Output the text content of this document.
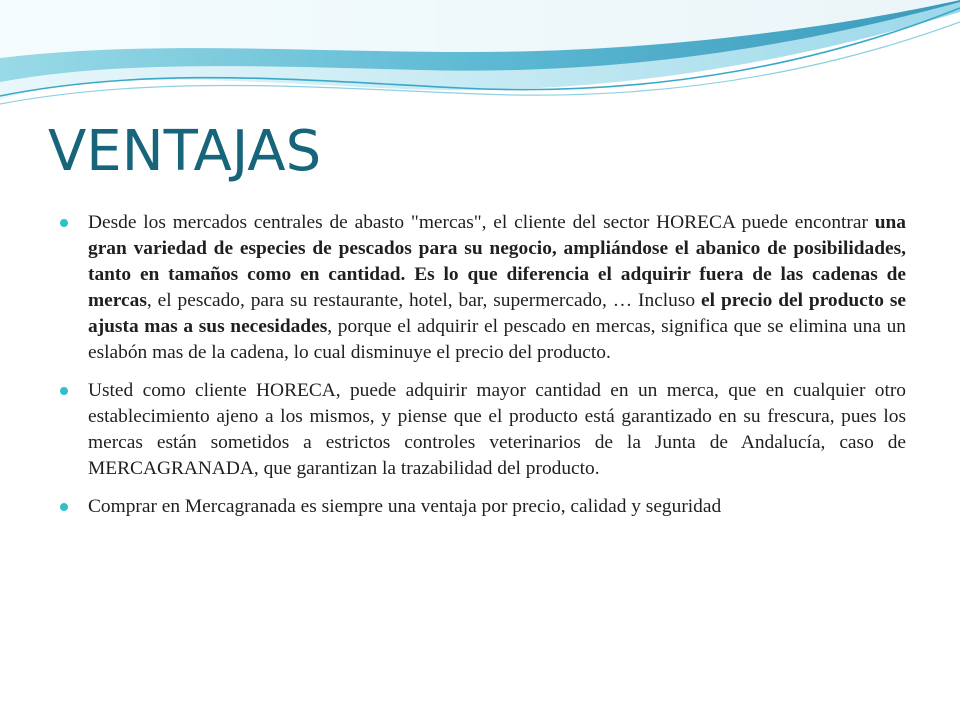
VENTAJAS
Desde los mercados centrales de abasto "mercas", el cliente del sector HORECA puede encontrar una gran variedad de especies de pescados para su negocio, ampliándose el abanico de posibilidades, tanto en tamaños como en cantidad. Es lo que diferencia el adquirir fuera de las cadenas de mercas, el pescado, para su restaurante, hotel, bar, supermercado, … Incluso el precio del producto se ajusta mas a sus necesidades, porque el adquirir el pescado en mercas, significa que se elimina una un eslabón mas de la cadena, lo cual disminuye el precio del producto.
Usted como cliente HORECA, puede adquirir mayor cantidad en un merca, que en cualquier otro establecimiento ajeno a los mismos, y piense que el producto está garantizado en su frescura, pues los mercas están sometidos a estrictos controles veterinarios de la Junta de Andalucía, caso de MERCAGRANADA, que garantizan la trazabilidad del producto.
Comprar en Mercagranada es siempre una ventaja por precio, calidad y seguridad
